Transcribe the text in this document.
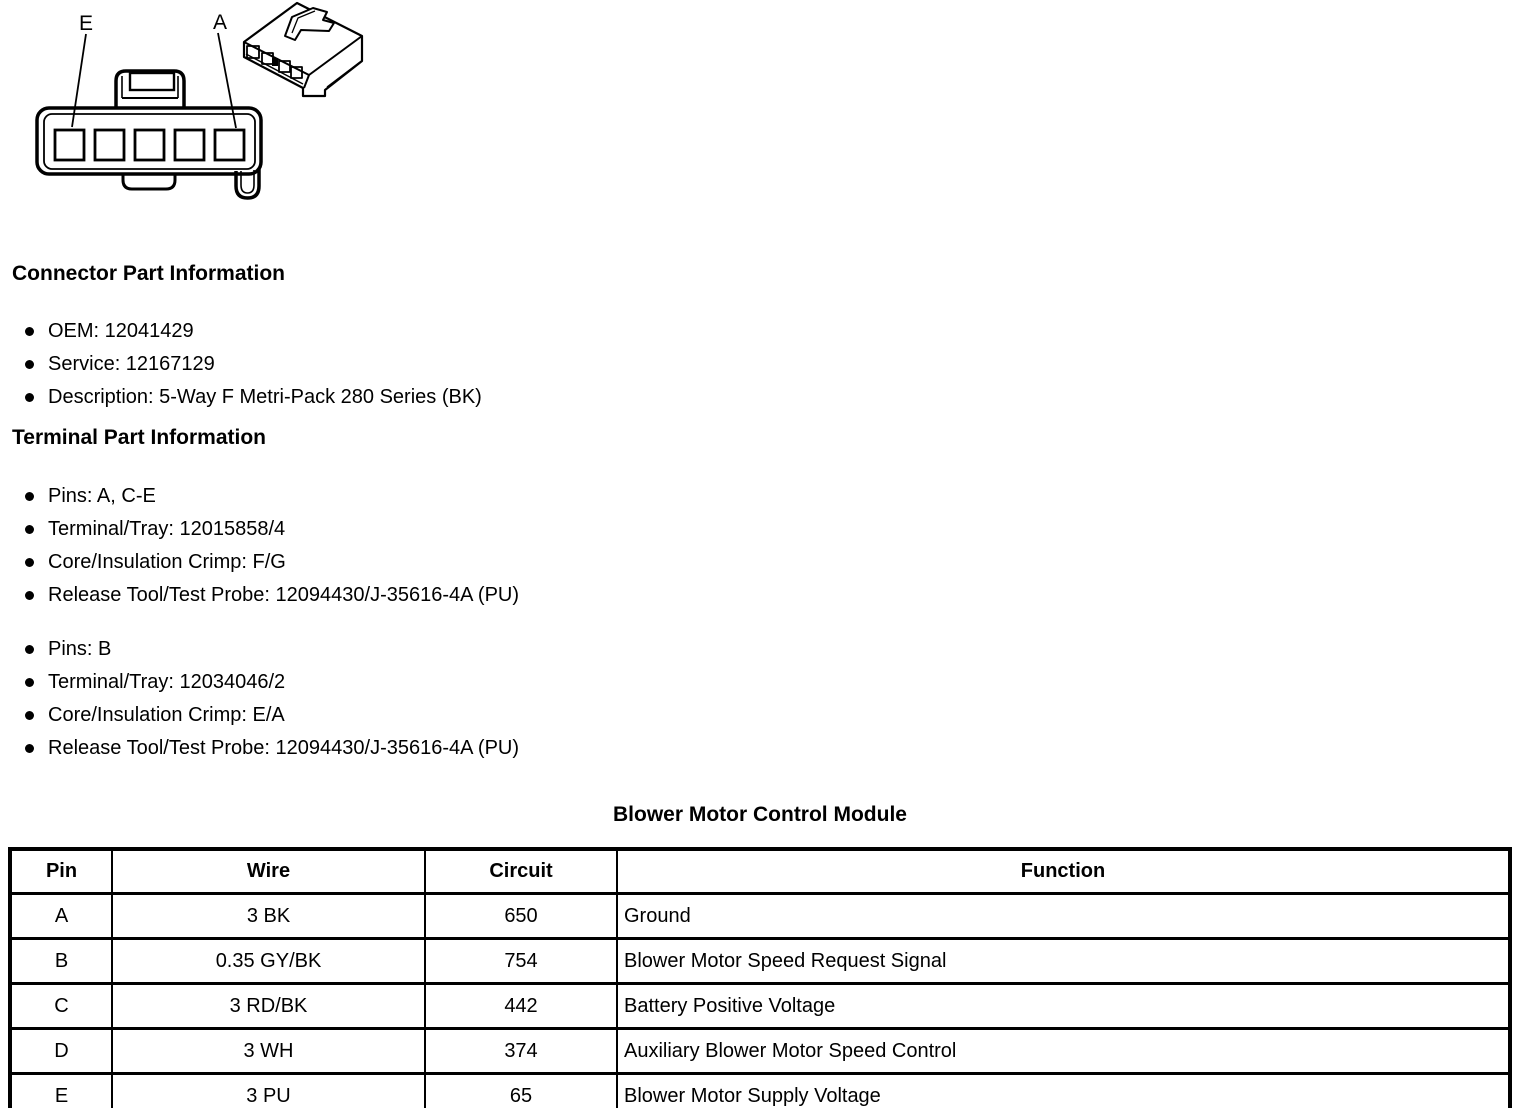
E	A
Connector Part Information
OEM: 12041429
Service: 12167129
Description: 5-Way F Metri-Pack 280 Series (BK)
Terminal Part Information
Pins: A, C-E
Terminal/Tray: 12015858/4
Core/Insulation Crimp: F/G
Release Tool/Test Probe: 12094430/J-35616-4A (PU)
Pins: B
Terminal/Tray: 12034046/2
Core/Insulation Crimp: E/A
Release Tool/Test Probe: 12094430/J-35616-4A (PU)
Blower Motor Control Module
Pin	Wire	Circuit	Function
A	3 BK	650	Ground
B	0.35 GY/BK	754	Blower Motor Speed Request Signal
C	3 RD/BK	442	Battery Positive Voltage
D	3 WH	374	Auxiliary Blower Motor Speed Control
E	3 PU	65	Blower Motor Supply Voltage
